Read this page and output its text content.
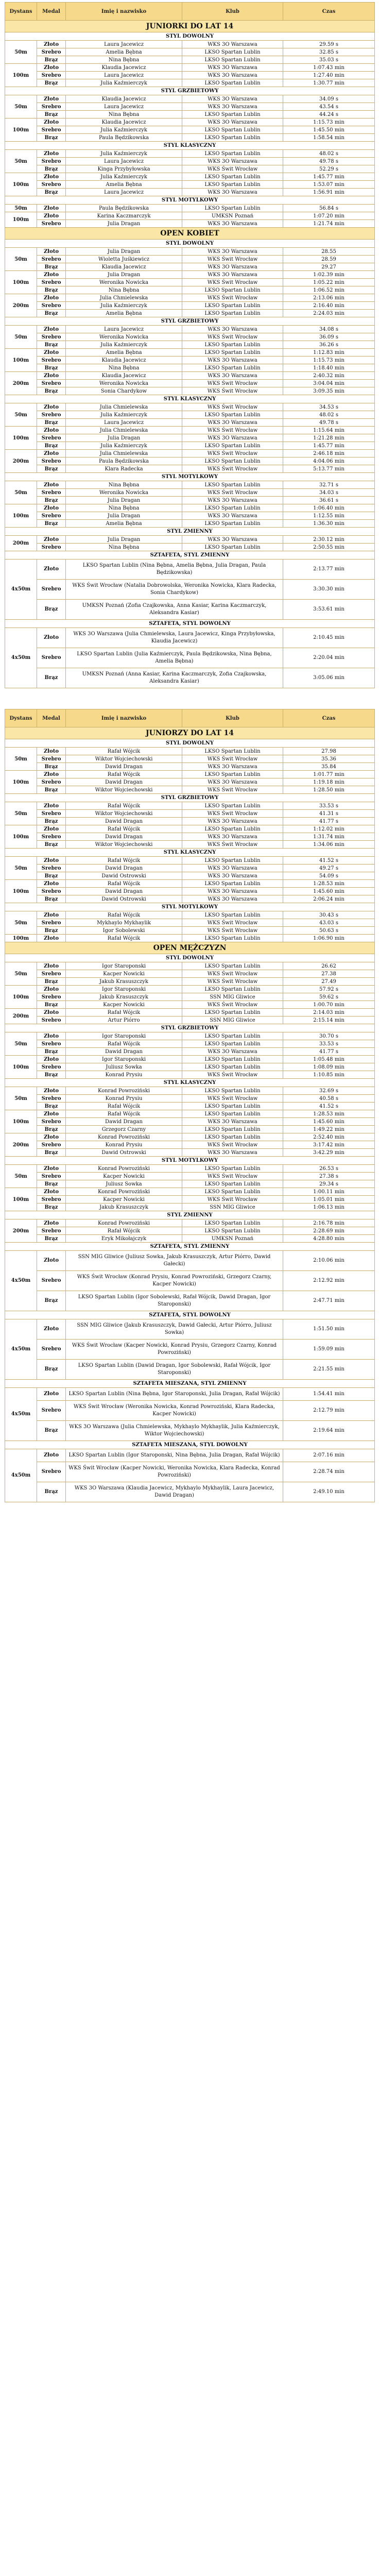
Dystans	Medal	Imię i nazwisko	Klub	Czas
JUNIORKI DO LAT 14				
STYL DOWOLNY				
50m	Złoto	Laura Jacewicz	WKS 3O Warszawa	29.59 s
	Srebro	Amelia Bębna	LKSO Spartan Lublin	32.85 s
	Brąz	Nina Bębna	LKSO Spartan Lublin	35.03 s
100m	Złoto	Klaudia Jacewicz	WKS 3O Warszawa	1:07.43 min
	Srebro	Laura Jacewicz	WKS 3O Warszawa	1:27.40 min
	Brąz	Julia Kaźmierczyk	LKSO Spartan Lublin	1:30.77 min
STYL GRZBIETOWY				
50m	Złoto	Klaudia Jacewicz	WKS 3O Warszawa	34.09 s
	Srebro	Laura Jacewicz	WKS 3O Warszawa	43.54 s
	Brąz	Nina Bębna	LKSO Spartan Lublin	44.24 s
100m	Złoto	Klaudia Jacewicz	WKS 3O Warszawa	1:15.73 min
	Srebro	Julia Kaźmierczyk	LKSO Spartan Lublin	1:45.50 min
	Brąz	Paula Będzikowska	LKSO Spartan Lublin	1:58.54 min
STYL KLASYCZNY				
50m	Złoto	Julia Kaźmierczyk	LKSO Spartan Lublin	48.02 s
	Srebro	Laura Jacewicz	WKS 3O Warszawa	49.78 s
	Brąz	Kinga Przybyłowska	WKS Świt Wrocław	52.29 s
100m	Złoto	Julia Kaźmierczyk	LKSO Spartan Lublin	1:45.77 min
	Srebro	Amelia Bębna	LKSO Spartan Lublin	1:53.07 min
	Brąz	Laura Jacewicz	WKS 3O Warszawa	1:56.91 min
STYL MOTYLKOWY				
50m	Złoto	Paula Będzikowska	LKSO Spartan Lublin	56.84 s
100m	Złoto	Karina Kaczmarczyk	UMKSN Poznań	1:07.20 min
	Srebro	Julia Dragan	WKS 3O Warszawa	1:21.74 min
OPEN KOBIET				
STYL DOWOLNY				
50m	Złoto	Julia Dragan	WKS 3O Warszawa	28.55
	Srebro	Wioletta Juśkiewicz	WKS Świt Wrocław	28.59
	Brąz	Klaudia Jacewicz	WKS 3O Warszawa	29.27
100m	Złoto	Julia Dragan	WKS 3O Warszawa	1:02.39 min
	Srebro	Weronika Nowicka	WKS Świt Wrocław	1:05.22 min
	Brąz	Nina Bębna	LKSO Spartan Lublin	1:06.52 min
200m	Złoto	Julia Chmielewska	WKS Świt Wrocław	2:13.06 min
	Srebro	Julia Kaźmierczyk	LKSO Spartan Lublin	2:16.40 min
	Brąz	Amelia Bębna	LKSO Spartan Lublin	2:24.03 min
STYL GRZBIETOWY				
50m	Złoto	Laura Jacewicz	WKS 3O Warszawa	34.08 s
	Srebro	Weronika Nowicka	WKS Świt Wrocław	36.09 s
	Brąz	Julia Kaźmierczyk	LKSO Spartan Lublin	36.26 s
100m	Złoto	Amelia Bębna	LKSO Spartan Lublin	1:12.83 min
	Srebro	Klaudia Jacewicz	WKS 3O Warszawa	1:15.73 min
	Brąz	Nina Bębna	LKSO Spartan Lublin	1:18.40 min
200m	Złoto	Klaudia Jacewicz	WKS 3O Warszawa	2:40.32 min
	Srebro	Weronika Nowicka	WKS Świt Wrocław	3:04.04 min
	Brąz	Sonia Chardykow	WKS Świt Wrocław	3:09.35 min
STYL KLASYCZNY				
50m	Złoto	Julia Chmielewska	WKS Świt Wrocław	34.53 s
	Srebro	Julia Kaźmierczyk	LKSO Spartan Lublin	48.02 s
	Brąz	Laura Jacewicz	WKS 3O Warszawa	49.78 s
100m	Złoto	Julia Chmielewska	WKS Świt Wrocław	1:15.64 min
	Srebro	Julia Dragan	WKS 3O Warszawa	1:21.28 min
	Brąz	Julia Kaźmierczyk	LKSO Spartan Lublin	1:45.77 min
200m	Złoto	Julia Chmielewska	WKS Świt Wrocław	2:46.18 min
	Srebro	Paula Będzikowska	LKSO Spartan Lublin	4:04.06 min
	Brąz	Klara Radecka	WKS Świt Wrocław	5:13.77 min
STYL MOTYLKOWY				
50m	Złoto	Nina Bębna	LKSO Spartan Lublin	32.71 s
	Srebro	Weronika Nowicka	WKS Świt Wrocław	34.03 s
	Brąz	Julia Dragan	WKS 3O Warszawa	36.61 s
100m	Złoto	Nina Bębna	LKSO Spartan Lublin	1:06.40 min
	Srebro	Julia Dragan	WKS 3O Warszawa	1:12.55 min
	Brąz	Amelia Bębna	LKSO Spartan Lublin	1:36.30 min
STYL ZMIENNY				
200m	Złoto	Julia Dragan	WKS 3O Warszawa	2:30.12 min
	Srebro	Nina Bębna	LKSO Spartan Lublin	2:50.55 min
SZTAFETA, STYL ZMIENNY				
4x50m	Złoto	LKSO Spartan Lublin (Nina Bębna, Amelia Bębna, Julia Dragan, Paula Będzikowska)		2:13.77 min
	Srebro	WKS Świt Wrocław (Natalia Dobrowolska, Weronika Nowicka, Klara Radecka, Sonia Chardykow)		3:30.30 min
	Brąz	UMKSN Poznań (Zofia Czajkowska, Anna Kasiar, Karina Kaczmarczyk, Aleksandra Kasiar)		3:53.61 min
SZTAFETA, STYL DOWOLNY				
4x50m	Złoto	WKS 3O Warszawa (Julia Chmielewska, Laura Jacewicz, Kinga Przybyłowska, Klaudia Jacewicz)		2:10.45 min
	Srebro	LKSO Spartan Lublin (Julia Kaźmierczyk, Paula Będzikowska, Nina Bębna, Amelia Bębna)		2:20.04 min
	Brąz	UMKSN Poznań (Anna Kasiar, Karina Kaczmarczyk, Zofia Czajkowska, Aleksandra Kasiar)		3:05.06 min
Dystans	Medal	Imię i nazwisko	Klub	Czas
JUNIORZY DO LAT 14				
STYL DOWOLNY				
50m	Złoto	Rafał Wójcik	LKSO Spartan Lublin	27.98
	Srebro	Wiktor Wojciechowski	WKS Świt Wrocław	35.36
	Brąz	Dawid Dragan	WKS 3O Warszawa	35.84
100m	Złoto	Rafał Wójcik	LKSO Spartan Lublin	1:01.77 min
	Srebro	Dawid Dragan	WKS 3O Warszawa	1:19.18 min
	Brąz	Wiktor Wojciechowski	WKS Świt Wrocław	1:28.50 min
STYL GRZBIETOWY				
50m	Złoto	Rafał Wójcik	LKSO Spartan Lublin	33.53 s
	Srebro	Wiktor Wojciechowski	WKS Świt Wrocław	41.31 s
	Brąz	Dawid Dragan	WKS 3O Warszawa	41.77 s
100m	Złoto	Rafał Wójcik	LKSO Spartan Lublin	1:12.02 min
	Srebro	Dawid Dragan	WKS 3O Warszawa	1:31.74 min
	Brąz	Wiktor Wojciechowski	WKS Świt Wrocław	1:34.06 min
STYL KLASYCZNY				
50m	Złoto	Rafał Wójcik	LKSO Spartan Lublin	41.52 s
	Srebro	Dawid Dragan	WKS 3O Warszawa	49.27 s
	Brąz	Dawid Ostrowski	WKS 3O Warszawa	54.09 s
100m	Złoto	Rafał Wójcik	LKSO Spartan Lublin	1:28.53 min
	Srebro	Dawid Dragan	WKS 3O Warszawa	1:45.60 min
	Brąz	Dawid Ostrowski	WKS 3O Warszawa	2:06.24 min
STYL MOTYLKOWY				
50m	Złoto	Rafał Wójcik	LKSO Spartan Lublin	30.43 s
	Srebro	Mykhaylo Mykhaylik	WKS Świt Wrocław	43.03 s
	Brąz	Igor Sobolewski	WKS Świt Wrocław	50.63 s
100m	Złoto	Rafał Wójcik	LKSO Spartan Lublin	1:06.90 min
OPEN MĘŻCZYZN				
STYL DOWOLNY				
50m	Złoto	Igor Staroponski	LKSO Spartan Lublin	26.62
	Srebro	Kacper Nowicki	WKS Świt Wrocław	27.38
	Brąz	Jakub Krasuszczyk	WKS Świt Wrocław	27.49
100m	Złoto	Igor Staroponski	LKSO Spartan Lublin	57.92 s
	Srebro	Jakub Krasuszczyk	SSN MIG Gliwice	59.62 s
	Brąz	Kacper Nowicki	WKS Świt Wrocław	1:00.70 min
200m	Złoto	Rafał Wójcik	LKSO Spartan Lublin	2:14.03 min
	Srebro	Artur Piórro	SSN MIG Gliwice	2:15.14 min
STYL GRZBIETOWY				
50m	Złoto	Igor Staroponski	LKSO Spartan Lublin	30.70 s
	Srebro	Rafał Wójcik	LKSO Spartan Lublin	33.53 s
	Brąz	Dawid Dragan	WKS 3O Warszawa	41.77 s
100m	Złoto	Igor Staroponski	LKSO Spartan Lublin	1:05.48 min
	Srebro	Juliusz Sowka	LKSO Spartan Lublin	1:08.09 min
	Brąz	Konrad Prysiu	WKS Świt Wrocław	1:10.85 min
STYL KLASYCZNY				
50m	Złoto	Konrad Powroziński	LKSO Spartan Lublin	32.69 s
	Srebro	Konrad Prysiu	WKS Świt Wrocław	40.58 s
	Brąz	Rafał Wójcik	LKSO Spartan Lublin	41.52 s
100m	Złoto	Rafał Wójcik	LKSO Spartan Lublin	1:28.53 min
	Srebro	Dawid Dragan	WKS 3O Warszawa	1:45.60 min
	Brąz	Grzegorz Czarny	LKSO Spartan Lublin	1:49.22 min
200m	Złoto	Konrad Powroziński	LKSO Spartan Lublin	2:52.40 min
	Srebro	Konrad Prysiu	WKS Świt Wrocław	3:17.42 min
	Brąz	Dawid Ostrowski	WKS 3O Warszawa	3:42.29 min
STYL MOTYLKOWY				
50m	Złoto	Konrad Powroziński	LKSO Spartan Lublin	26.53 s
	Srebro	Kacper Nowicki	WKS Świt Wrocław	27.38 s
	Brąz	Juliusz Sowka	LKSO Spartan Lublin	29.34 s
100m	Złoto	Konrad Powroziński	LKSO Spartan Lublin	1:00.11 min
	Srebro	Kacper Nowicki	WKS Świt Wrocław	1:05.01 min
	Brąz	Jakub Krasuszczyk	SSN MIG Gliwice	1:06.13 min
STYL ZMIENNY				
200m	Złoto	Konrad Powroziński	LKSO Spartan Lublin	2:16.78 min
	Srebro	Rafał Wójcik	LKSO Spartan Lublin	2:28.69 min
	Brąz	Eryk Mikołajczyk	UMKSN Poznań	4:28.80 min
SZTAFETA, STYL ZMIENNY				
4x50m	Złoto	SSN MIG Gliwice (Juliusz Sowka, Jakub Krasuszczyk, Artur Piórro, Dawid Gałecki)		2:10.06 min
	Srebro	WKS Świt Wrocław (Konrad Prysiu, Konrad Powroziński, Grzegorz Czarny, Kacper Nowicki)		2:12.92 min
	Brąz	LKSO Spartan Lublin (Igor Sobolewski, Rafał Wójcik, Dawid Dragan, Igor Staroponski)		2:47.71 min
SZTAFETA, STYL DOWOLNY				
4x50m	Złoto	SSN MIG Gliwice (Jakub Krasuszczyk, Dawid Gałecki, Artur Piórro, Juliusz Sowka)		1:51.50 min
	Srebro	WKS Świt Wrocław (Kacper Nowicki, Konrad Prysiu, Grzegorz Czarny, Konrad Powroziński)		1:59.09 min
	Brąz	LKSO Spartan Lublin (Dawid Dragan, Igor Sobolewski, Rafał Wójcik, Igor Staroponski)		2:21.55 min
SZTAFETA MIESZANA, STYL ZMIENNY				
4x50m	Złoto	LKSO Spartan Lublin (Nina Bębna, Igor Staroponski, Julia Dragan, Rafał Wójcik)		1:54.41 min
	Srebro	WKS Świt Wrocław (Weronika Nowicka, Konrad Powroziński, Klara Radecka, Kacper Nowicki)		2:12.79 min
	Brąz	WKS 3O Warszawa (Julia Chmielewska, Mykhaylo Mykhaylik, Julia Kaźmierczyk, Wiktor Wojciechowski)		2:19.64 min
SZTAFETA MIESZANA, STYL DOWOLNY				
4x50m	Złoto	LKSO Spartan Lublin (Igor Staroponski, Nina Bębna, Julia Dragan, Rafał Wójcik)		2:07.16 min
	Srebro	WKS Świt Wrocław (Kacper Nowicki, Weronika Nowicka, Klara Radecka, Konrad Powroziński)		2:28.74 min
	Brąz	WKS 3O Warszawa (Klaudia Jacewicz, Mykhaylo Mykhaylik, Laura Jacewicz, Dawid Dragan)		2:49.10 min
